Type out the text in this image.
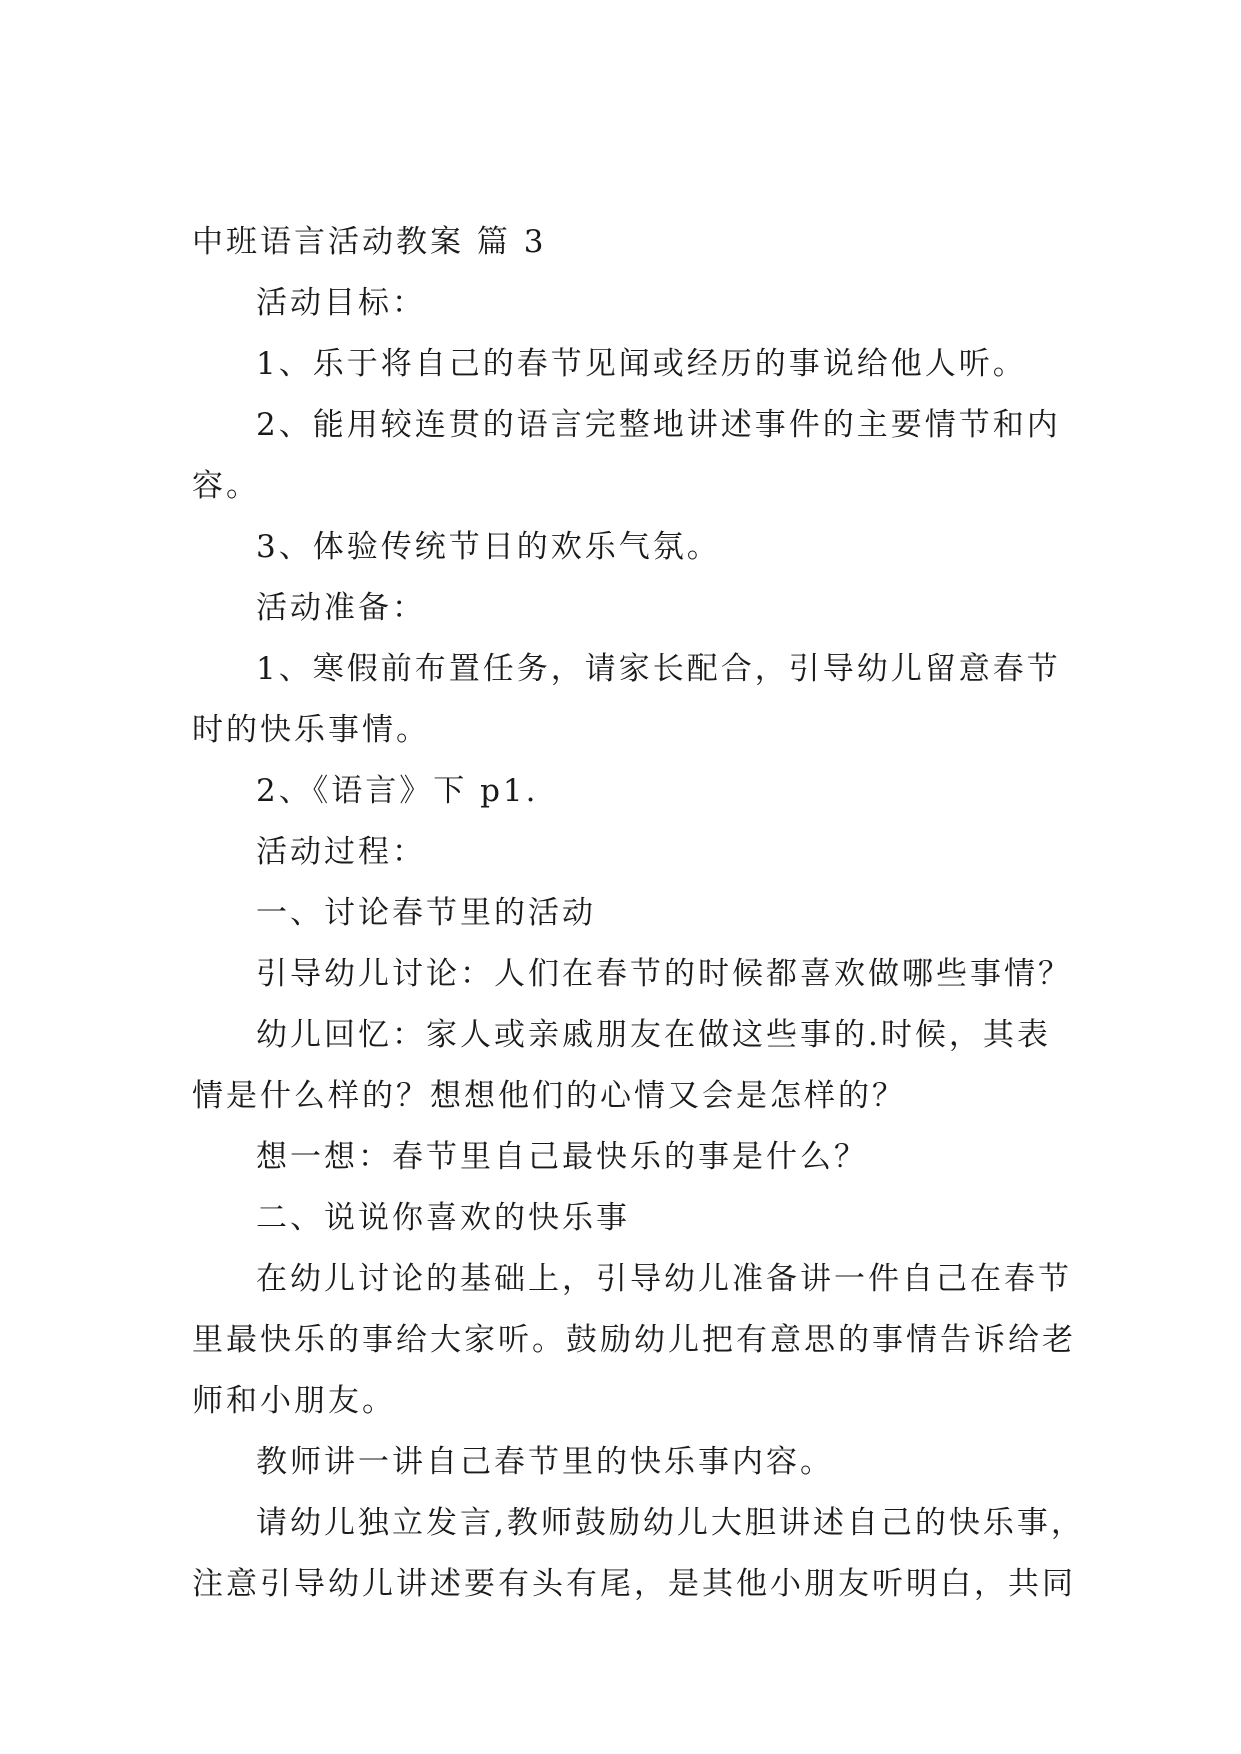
中班语言活动教案 篇 3
活动目标：
1、乐于将自己的春节见闻或经历的事说给他人听。
2、能用较连贯的语言完整地讲述事件的主要情节和内
容。
3、体验传统节日的欢乐气氛。
活动准备：
1、寒假前布置任务，请家长配合，引导幼儿留意春节
时的快乐事情。
2、《语言》下 p1.
活动过程：
一、讨论春节里的活动
引导幼儿讨论：人们在春节的时候都喜欢做哪些事情？
幼儿回忆：家人或亲戚朋友在做这些事的.时候，其表
情是什么样的？想想他们的心情又会是怎样的？
想一想：春节里自己最快乐的事是什么？
二、说说你喜欢的快乐事
在幼儿讨论的基础上，引导幼儿准备讲一件自己在春节
里最快乐的事给大家听。鼓励幼儿把有意思的事情告诉给老
师和小朋友。
教师讲一讲自己春节里的快乐事内容。
请幼儿独立发言,教师鼓励幼儿大胆讲述自己的快乐事，
注意引导幼儿讲述要有头有尾，是其他小朋友听明白，共同
